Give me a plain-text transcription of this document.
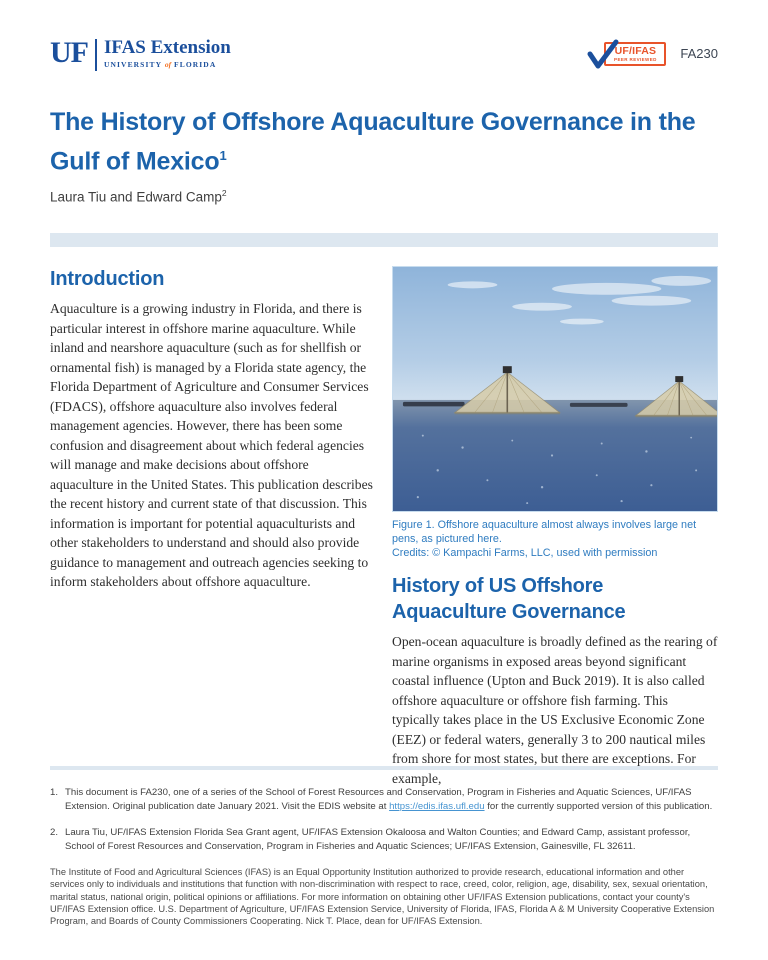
UF IFAS Extension
UNIVERSITY of FLORIDA
UF/IFAS
PEER REVIEWED FA230
The History of Offshore Aquaculture Governance in the Gulf of Mexico$^1$
Laura Tiu and Edward Camp$^2$
Introduction

Aquaculture is a growing industry in Florida, and there is particular interest in offshore marine aquaculture. While inland and nearshore aquaculture (such as for shellfish or ornamental fish) is managed by a Florida state agency, the Florida Department of Agriculture and Consumer Services (FDACS), offshore aquaculture also involves federal management agencies. However, there has been some confusion and disagreement about which federal agencies will manage and make decisions about offshore aquaculture in the United States. This publication describes the recent history and current state of that discussion. This information is important for potential aquaculturists and other stakeholders to understand and should also provide guidance to management and outreach agencies seeking to inform stakeholders about offshore aquaculture.

Figure 1. Offshore aquaculture almost always involves large net pens, as pictured here.
Credits: © Kampachi Farms, LLC, used with permission
History of US Offshore Aquaculture Governance

Open-ocean aquaculture is broadly defined as the rearing of marine organisms in exposed areas beyond significant coastal influence (Upton and Buck 2019). It is also called offshore aquaculture or offshore fish farming. This typically takes place in the US Exclusive Economic Zone (EEZ) or federal waters, generally 3 to 200 nautical miles from shore for most states, but there are exceptions. For example,

1. This document is FA230, one of a series of the School of Forest Resources and Conservation, Program in Fisheries and Aquatic Sciences, UF/IFAS Extension. Original publication date January 2021. Visit the EDIS website at https://edis.ifas.ufl.edu for the currently supported version of this publication.
2. Laura Tiu, UF/IFAS Extension Florida Sea Grant agent, UF/IFAS Extension Okaloosa and Walton Counties; and Edward Camp, assistant professor, School of Forest Resources and Conservation, Program in Fisheries and Aquatic Sciences; UF/IFAS Extension, Gainesville, FL 32611.

The Institute of Food and Agricultural Sciences (IFAS) is an Equal Opportunity Institution authorized to provide research, educational information and other services only to individuals and institutions that function with non-discrimination with respect to race, creed, color, religion, age, disability, sex, sexual orientation, marital status, national origin, political opinions or affiliations. For more information on obtaining other UF/IFAS Extension publications, contact your county's UF/IFAS Extension office. U.S. Department of Agriculture, UF/IFAS Extension Service, University of Florida, IFAS, Florida A & M University Cooperative Extension Program, and Boards of County Commissioners Cooperating. Nick T. Place, dean for UF/IFAS Extension.
